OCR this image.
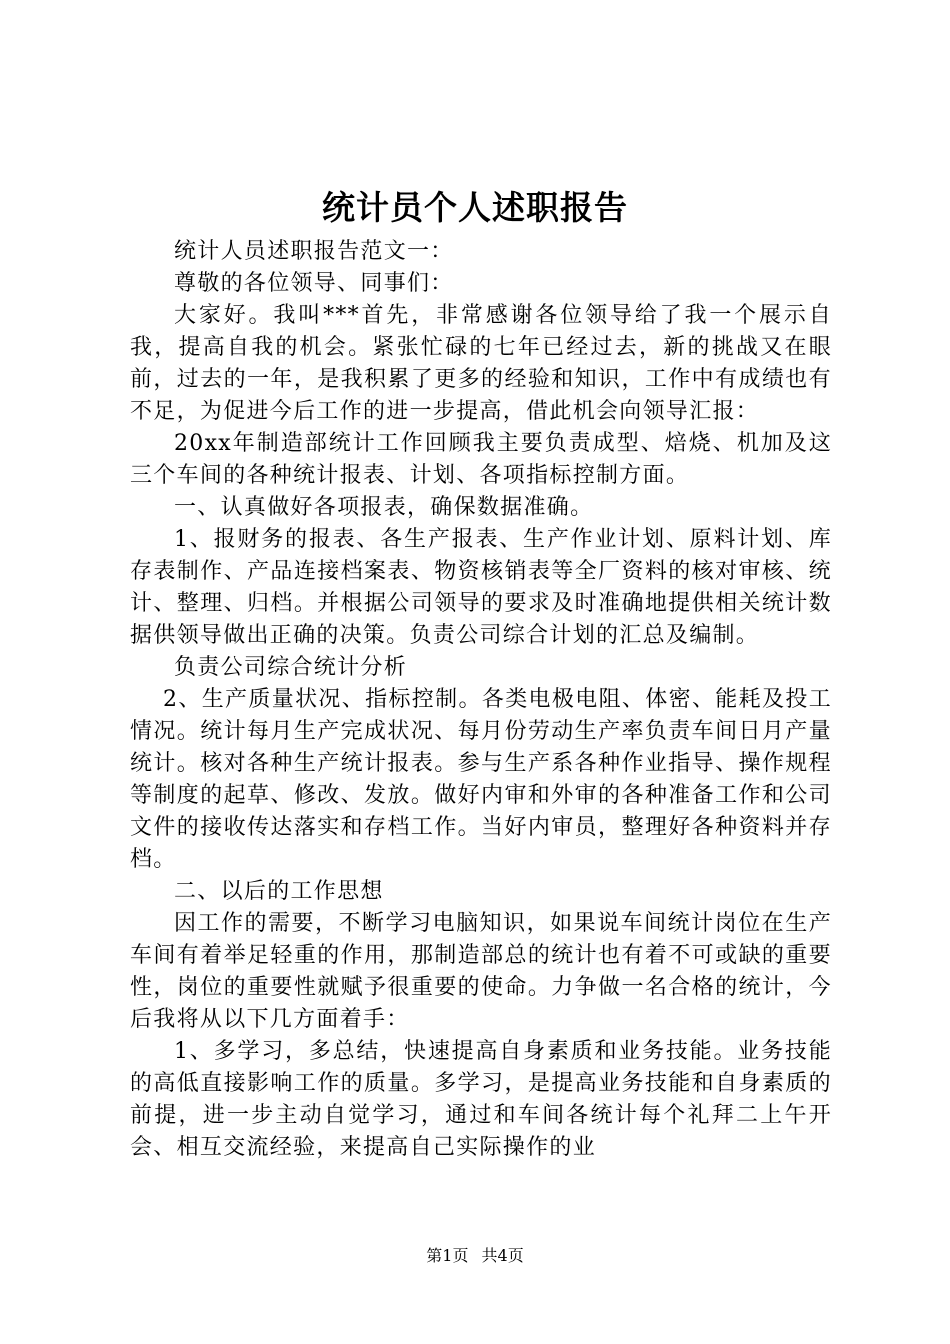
统计员个人述职报告

统计人员述职报告范文一：

尊敬的各位领导、同事们：

大家好。我叫***首先，非常感谢各位领导给了我一个展示自我，提高自我的机会。紧张忙碌的七年已经过去，新的挑战又在眼前，过去的一年，是我积累了更多的经验和知识，工作中有成绩也有不足，为促进今后工作的进一步提高，借此机会向领导汇报：

20xx年制造部统计工作回顾我主要负责成型、焙烧、机加及这三个车间的各种统计报表、计划、各项指标控制方面。

一、认真做好各项报表，确保数据准确。

1、报财务的报表、各生产报表、生产作业计划、原料计划、库存表制作、产品连接档案表、物资核销表等全厂资料的核对审核、统计、整理、归档。并根据公司领导的要求及时准确地提供相关统计数据供领导做出正确的决策。负责公司综合计划的汇总及编制。

负责公司综合统计分析

2、生产质量状况、指标控制。各类电极电阻、体密、能耗及投工情况。统计每月生产完成状况、每月份劳动生产率负责车间日月产量统计。核对各种生产统计报表。参与生产系各种作业指导、操作规程等制度的起草、修改、发放。做好内审和外审的各种准备工作和公司文件的接收传达落实和存档工作。当好内审员，整理好各种资料并存档。

二、以后的工作思想

因工作的需要，不断学习电脑知识，如果说车间统计岗位在生产车间有着举足轻重的作用，那制造部总的统计也有着不可或缺的重要性，岗位的重要性就赋予很重要的使命。力争做一名合格的统计，今后我将从以下几方面着手：

1、多学习，多总结，快速提高自身素质和业务技能。业务技能的高低直接影响工作的质量。多学习，是提高业务技能和自身素质的前提，进一步主动自觉学习，通过和车间各统计每个礼拜二上午开会、相互交流经验，来提高自己实际操作的业

第1页 共4页
